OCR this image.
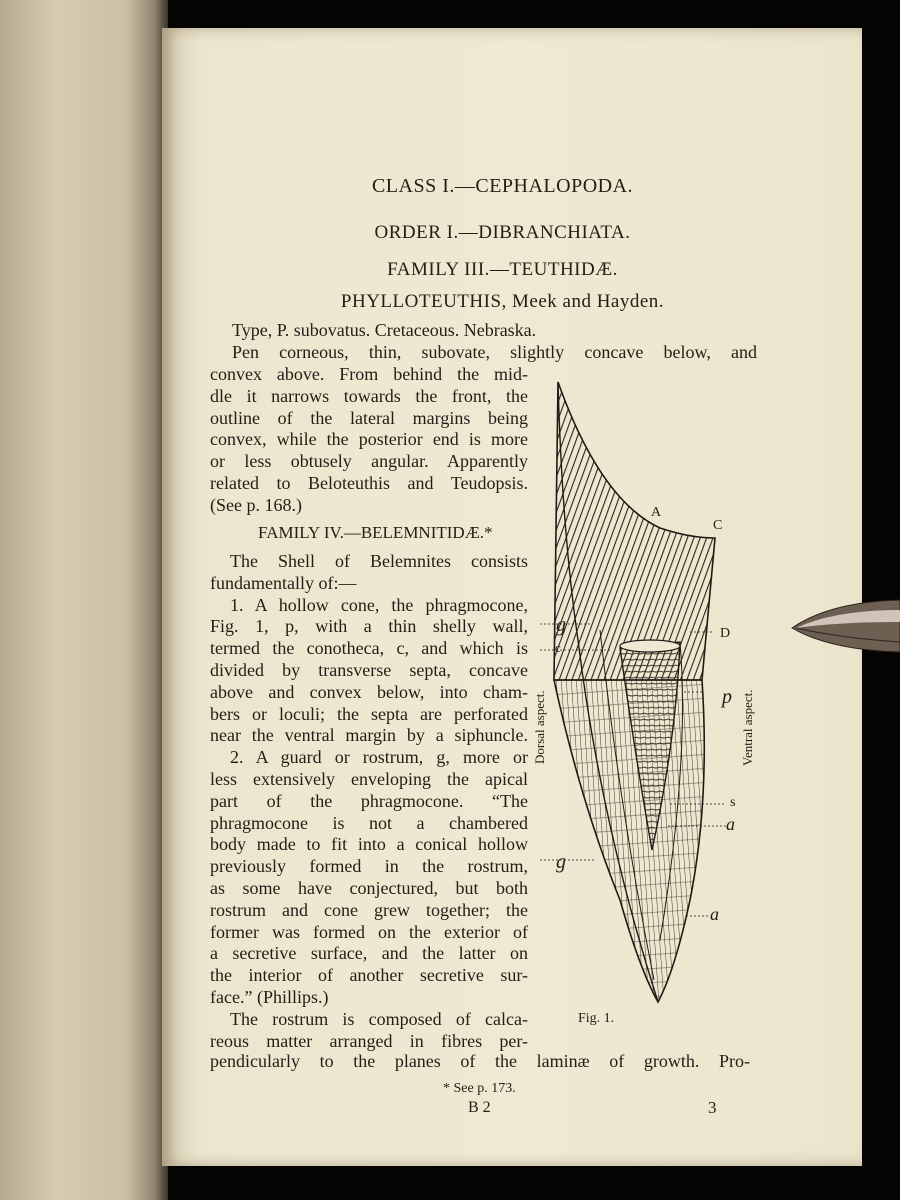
CLASS I.—CEPHALOPODA.
ORDER I.—DIBRANCHIATA.
FAMILY III.—TEUTHIDÆ.
PHYLLOTEUTHIS, Meek and Hayden.
Type, P. subovatus. Cretaceous. Nebraska.
Pen corneous, thin, subovate, slightly concave below, and
convex above. From behind the mid-
dle it narrows towards the front, the
outline of the lateral margins being
convex, while the posterior end is more
or less obtusely angular. Apparently
related to Beloteuthis and Teudopsis.
(See p. 168.)
FAMILY IV.—BELEMNITIDÆ.*
The Shell of Belemnites consists
fundamentally of:—
1. A hollow cone, the phragmocone,
Fig. 1, p, with a thin shelly wall,
termed the conotheca, c, and which is
divided by transverse septa, concave
above and convex below, into cham-
bers or loculi; the septa are perforated
near the ventral margin by a siphuncle.
2. A guard or rostrum, g, more or
less extensively enveloping the apical
part of the phragmocone. “The
phragmocone is not a chambered
body made to fit into a conical hollow
previously formed in the rostrum,
as some have conjectured, but both
rostrum and cone grew together; the
former was formed on the exterior of
a secretive surface, and the latter on
the interior of another secretive sur-
face.” (Phillips.)
The rostrum is composed of calca-
reous matter arranged in fibres per-
pendicularly to the planes of the laminæ of growth. Pro-
* See p. 173.
B 2	3
A
C
g
c
D
p
s
a
g
a
Dorsal aspect.	Ventral aspect.
Fig. 1.
